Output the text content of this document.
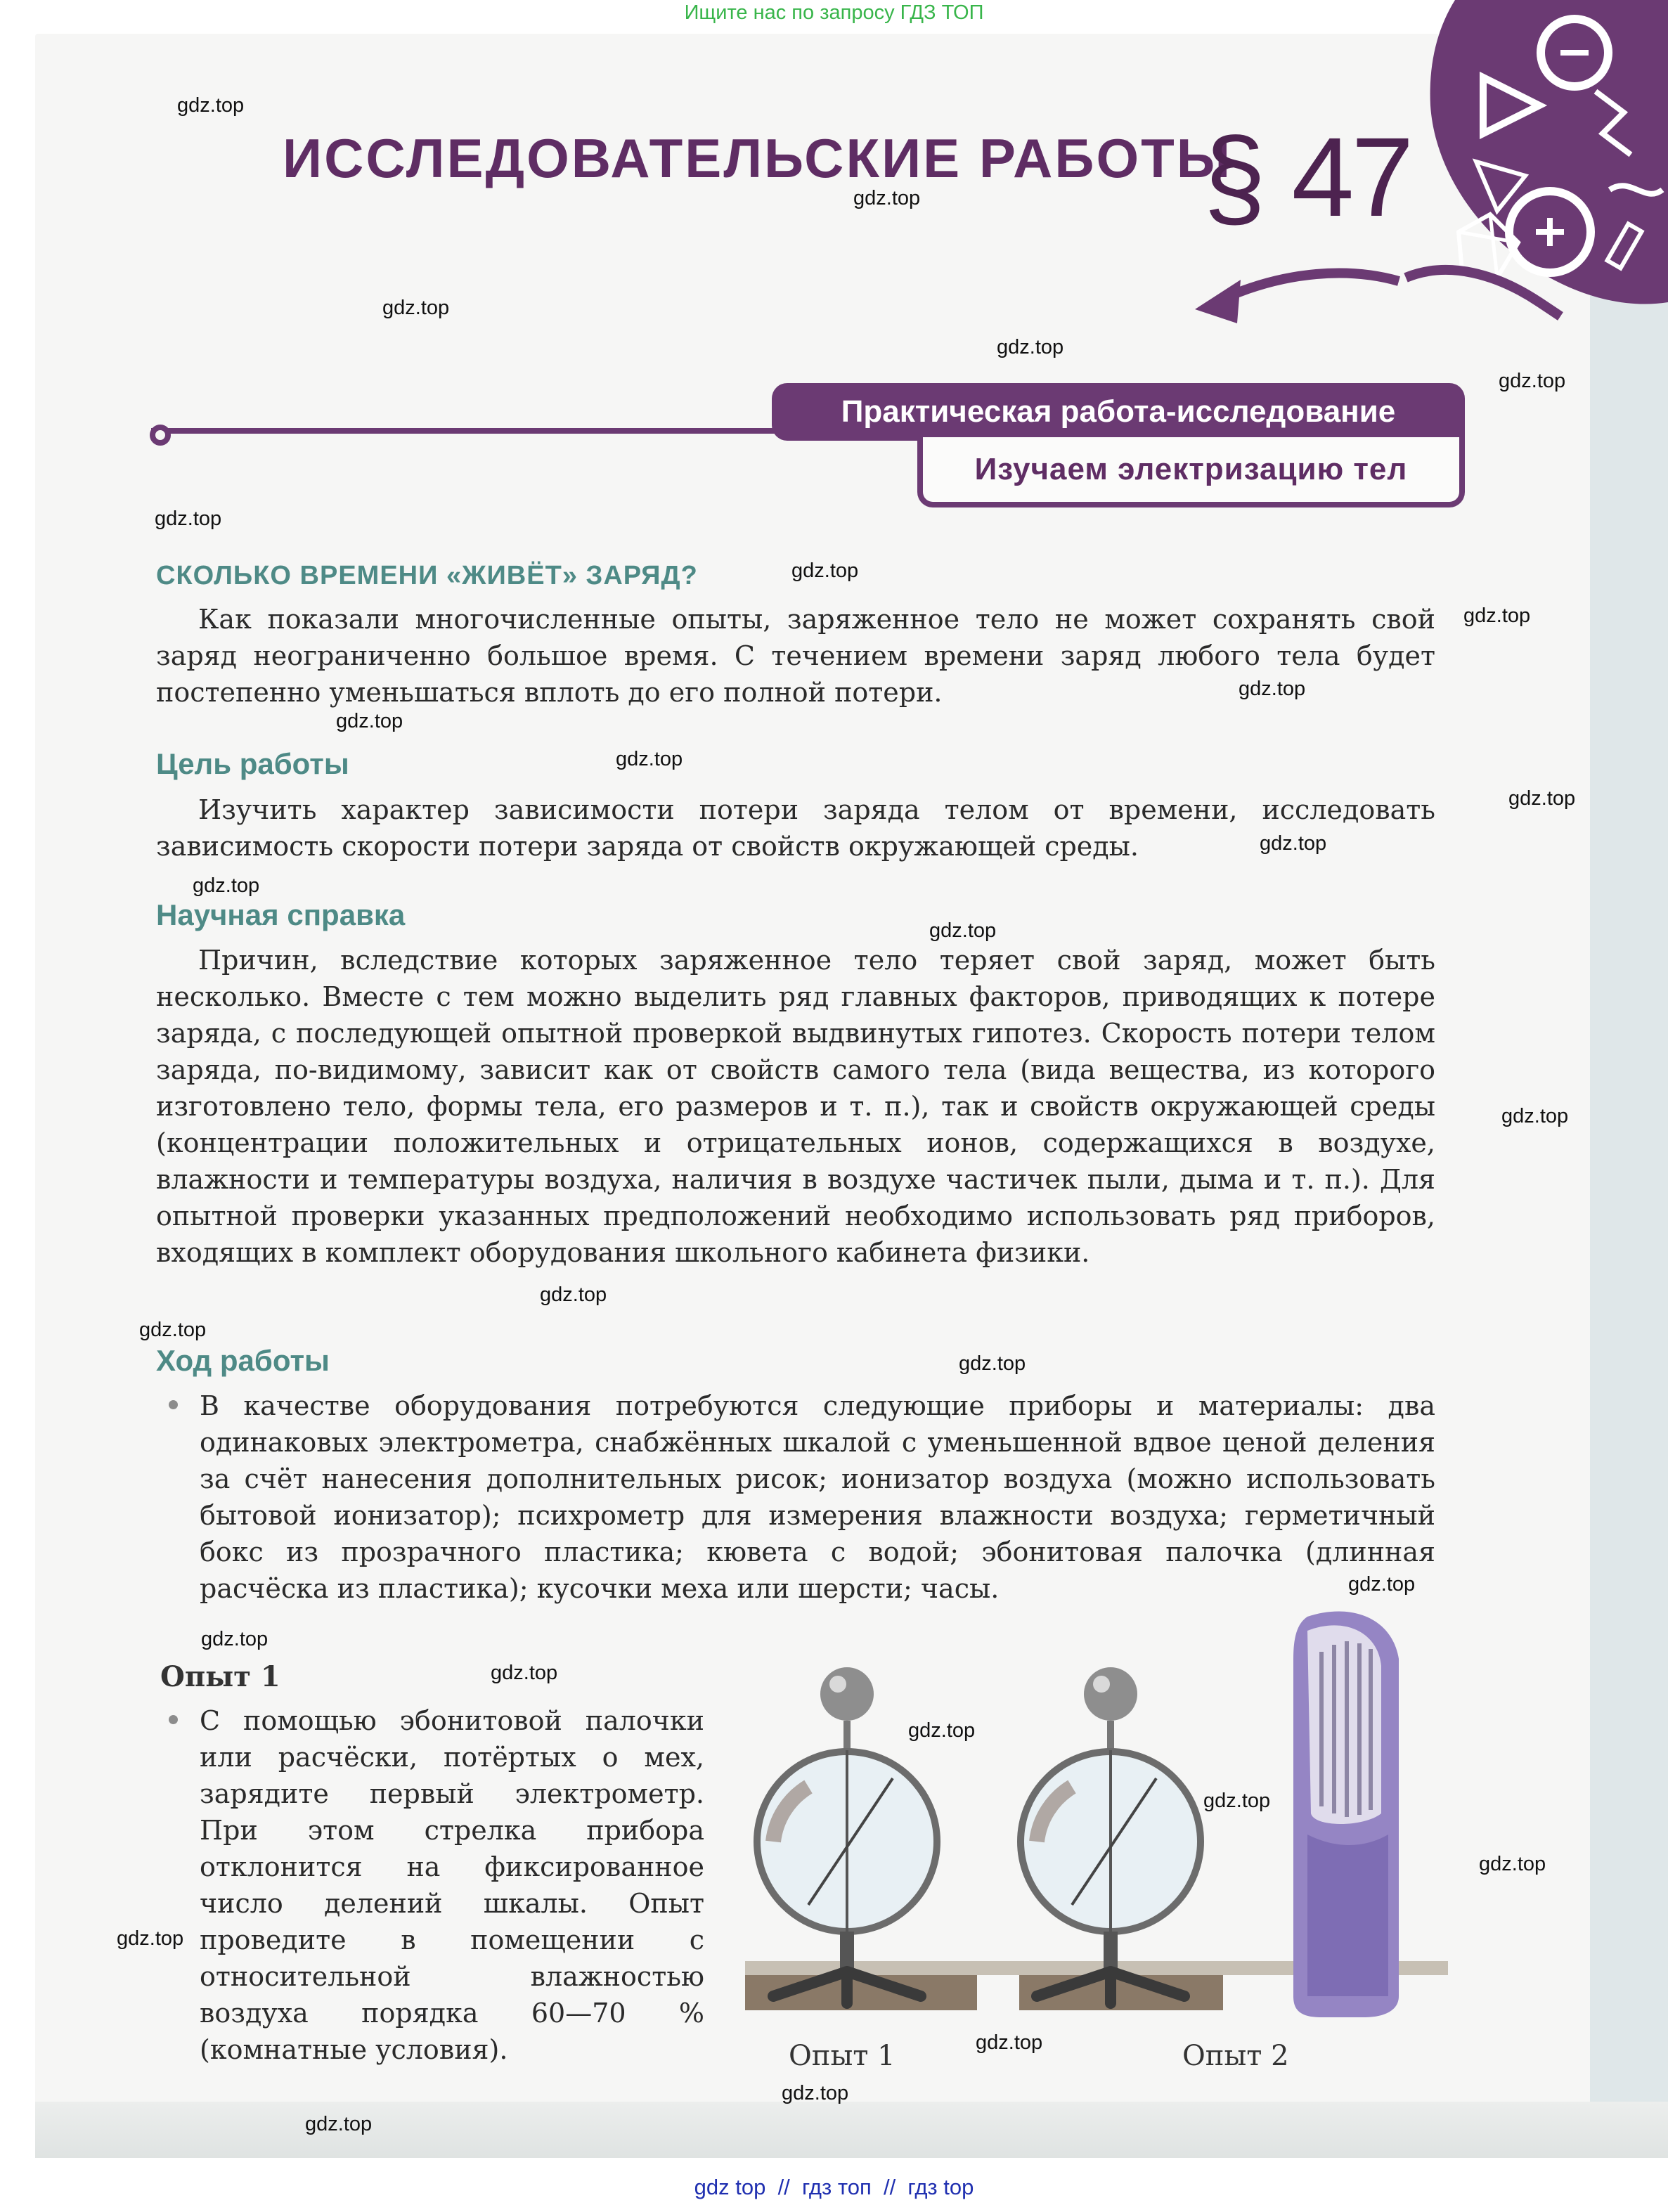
Ищите нас по запросу ГДЗ ТОП
ИССЛЕДОВАТЕЛЬСКИЕ РАБОТЫ
§ 47
Практическая работа-исследование
Изучаем электризацию тел
СКОЛЬКО ВРЕМЕНИ «ЖИВЁТ» ЗАРЯД?

Как показали многочисленные опыты, заряженное тело не может сохранять свой заряд неограниченно большое время. С течением времени заряд любого тела будет постепенно уменьшаться вплоть до его полной потери.

Цель работы

Изучить характер зависимости потери заряда телом от времени, исследовать зависимость скорости потери заряда от свойств окружающей среды.

Научная справка

Причин, вследствие которых заряженное тело теряет свой заряд, может быть несколько. Вместе с тем можно выделить ряд главных факторов, приводящих к потере заряда, с последующей опытной проверкой выдвинутых гипотез. Скорость потери телом заряда, по-видимому, зависит как от свойств самого тела (вида вещества, из которого изготовлено тело, формы тела, его размеров и т. п.), так и свойств окружающей среды (концентрации положительных и отрицательных ионов, содержащихся в воздухе, влажности и температуры воздуха, наличия в воздухе частичек пыли, дыма и т. п.). Для опытной проверки указанных предположений необходимо использовать ряд приборов, входящих в комплект оборудования школьного кабинета физики.

Ход работы

В качестве оборудования потребуются следующие приборы и материалы: два одинаковых электрометра, снабжённых шкалой с уменьшенной вдвое ценой деления за счёт нанесения дополнительных рисок; ионизатор воздуха (можно использовать бытовой ионизатор); психрометр для измерения влажности воздуха; герметичный бокс из прозрачного пластика; кювета с водой; эбонитовая палочка (длинная расчёска из пластика); кусочки меха или шерсти; часы.

Опыт 1

С помощью эбонитовой палочки или расчёски, потёртых о мех, зарядите первый электрометр. При этом стрелка прибора отклонится на фиксированное число делений шкалы. Опыт проведите в помещении с относительной влажностью воздуха порядка 60—70 % (комнатные условия).	Опыт 1	Опыт 2
gdz.top
gdz.top
gdz.top
gdz.top
gdz.top
gdz.top
gdz.top
gdz.top
gdz.top
gdz.top
gdz.top
gdz.top
gdz.top
gdz.top
gdz.top
gdz.top
gdz.top
gdz.top
gdz.top
gdz.top
gdz.top
gdz.top
gdz.top
gdz.top
gdz.top
gdz.top
gdz.top
gdz.top
gdz.top
gdz top  //  гдз топ  //  гдз top
